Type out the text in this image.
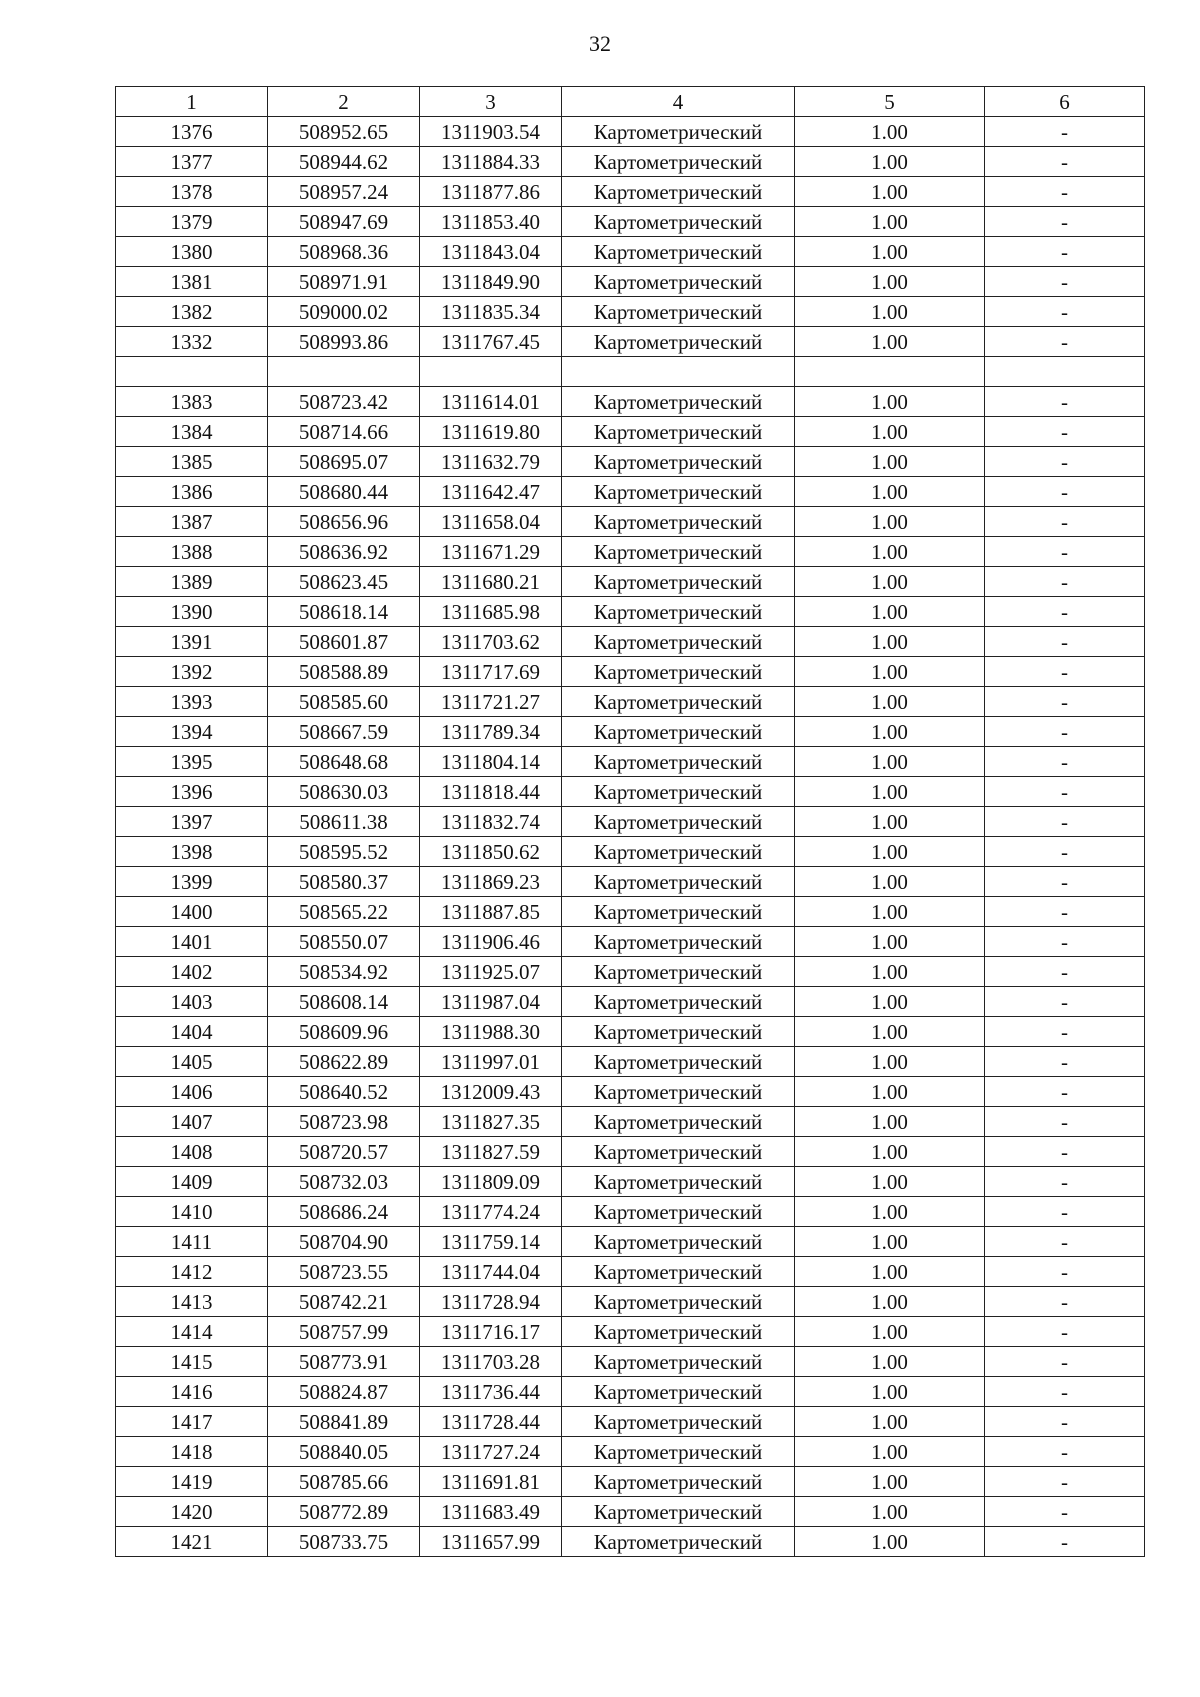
32
1	2	3	4	5	6
1376	508952.65	1311903.54	Картометрический	1.00	-
1377	508944.62	1311884.33	Картометрический	1.00	-
1378	508957.24	1311877.86	Картометрический	1.00	-
1379	508947.69	1311853.40	Картометрический	1.00	-
1380	508968.36	1311843.04	Картометрический	1.00	-
1381	508971.91	1311849.90	Картометрический	1.00	-
1382	509000.02	1311835.34	Картометрический	1.00	-
1332	508993.86	1311767.45	Картометрический	1.00	-

1383	508723.42	1311614.01	Картометрический	1.00	-
1384	508714.66	1311619.80	Картометрический	1.00	-
1385	508695.07	1311632.79	Картометрический	1.00	-
1386	508680.44	1311642.47	Картометрический	1.00	-
1387	508656.96	1311658.04	Картометрический	1.00	-
1388	508636.92	1311671.29	Картометрический	1.00	-
1389	508623.45	1311680.21	Картометрический	1.00	-
1390	508618.14	1311685.98	Картометрический	1.00	-
1391	508601.87	1311703.62	Картометрический	1.00	-
1392	508588.89	1311717.69	Картометрический	1.00	-
1393	508585.60	1311721.27	Картометрический	1.00	-
1394	508667.59	1311789.34	Картометрический	1.00	-
1395	508648.68	1311804.14	Картометрический	1.00	-
1396	508630.03	1311818.44	Картометрический	1.00	-
1397	508611.38	1311832.74	Картометрический	1.00	-
1398	508595.52	1311850.62	Картометрический	1.00	-
1399	508580.37	1311869.23	Картометрический	1.00	-
1400	508565.22	1311887.85	Картометрический	1.00	-
1401	508550.07	1311906.46	Картометрический	1.00	-
1402	508534.92	1311925.07	Картометрический	1.00	-
1403	508608.14	1311987.04	Картометрический	1.00	-
1404	508609.96	1311988.30	Картометрический	1.00	-
1405	508622.89	1311997.01	Картометрический	1.00	-
1406	508640.52	1312009.43	Картометрический	1.00	-
1407	508723.98	1311827.35	Картометрический	1.00	-
1408	508720.57	1311827.59	Картометрический	1.00	-
1409	508732.03	1311809.09	Картометрический	1.00	-
1410	508686.24	1311774.24	Картометрический	1.00	-
1411	508704.90	1311759.14	Картометрический	1.00	-
1412	508723.55	1311744.04	Картометрический	1.00	-
1413	508742.21	1311728.94	Картометрический	1.00	-
1414	508757.99	1311716.17	Картометрический	1.00	-
1415	508773.91	1311703.28	Картометрический	1.00	-
1416	508824.87	1311736.44	Картометрический	1.00	-
1417	508841.89	1311728.44	Картометрический	1.00	-
1418	508840.05	1311727.24	Картометрический	1.00	-
1419	508785.66	1311691.81	Картометрический	1.00	-
1420	508772.89	1311683.49	Картометрический	1.00	-
1421	508733.75	1311657.99	Картометрический	1.00	-
